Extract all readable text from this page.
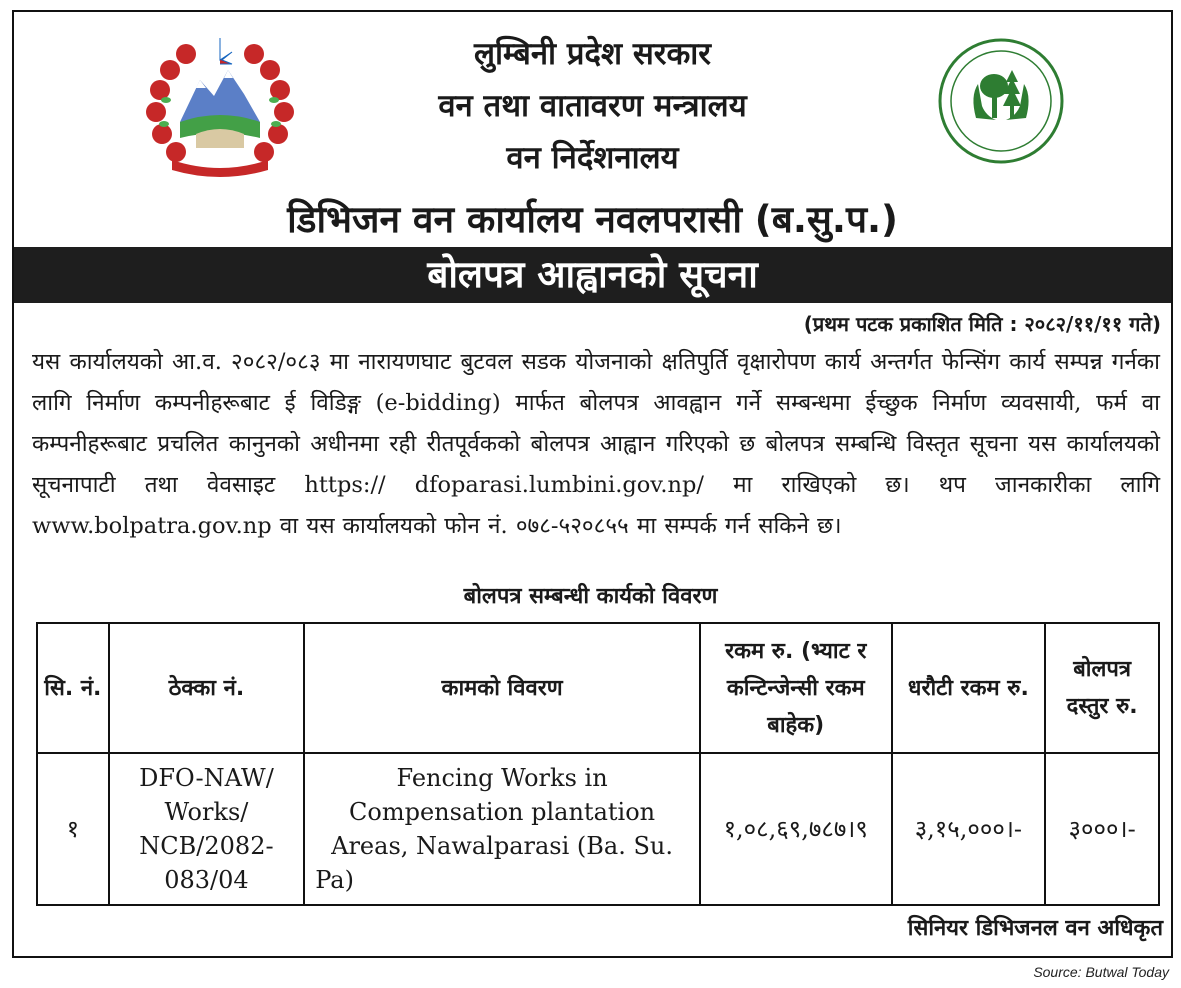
लुम्बिनी प्रदेश सरकार
वन तथा वातावरण मन्त्रालय
वन निर्देशनालय
डिभिजन वन कार्यालय नवलपरासी (ब.सु.प.)
बोलपत्र आह्वानको सूचना
(प्रथम पटक प्रकाशित मिति : २०८२/११/११ गते)
यस कार्यालयको आ.व. २०८२/०८३ मा नारायणघाट बुटवल सडक योजनाको क्षतिपुर्ति वृक्षारोपण कार्य अन्तर्गत फेन्सिंग कार्य सम्पन्न गर्नका लागि निर्माण कम्पनीहरूबाट ई विडिङ्ग (e-bidding) मार्फत बोलपत्र आवह्वान गर्ने सम्बन्धमा ईच्छुक निर्माण व्यवसायी, फर्म वा कम्पनीहरूबाट प्रचलित कानुनको अधीनमा रही रीतपूर्वकको बोलपत्र आह्वान गरिएको छ बोलपत्र सम्बन्धि विस्तृत सूचना यस कार्यालयको सूचनापाटी तथा वेवसाइट https:// dfoparasi.lumbini.gov.np/ मा राखिएको छ। थप जानकारीका लागि www.bolpatra.gov.np वा यस कार्यालयको फोन नं. ०७८-५२०८५५ मा सम्पर्क गर्न सकिने छ।
बोलपत्र सम्बन्धी कार्यको विवरण
सि. नं.	ठेक्का नं.	कामको विवरण	रकम रु. (भ्याट र कन्टिन्जेन्सी रकम बाहेक)	धरौटी रकम रु.	बोलपत्र दस्तुर रु.
१	DFO-NAW/ Works/ NCB/2082-083/04	Fencing Works in Compensation plantation Areas, Nawalparasi (Ba. Su. Pa)	१,०८,६९,७८७।९	३,१५,०००।-	३०००।-
सिनियर डिभिजनल वन अधिकृत
Source: Butwal Today
